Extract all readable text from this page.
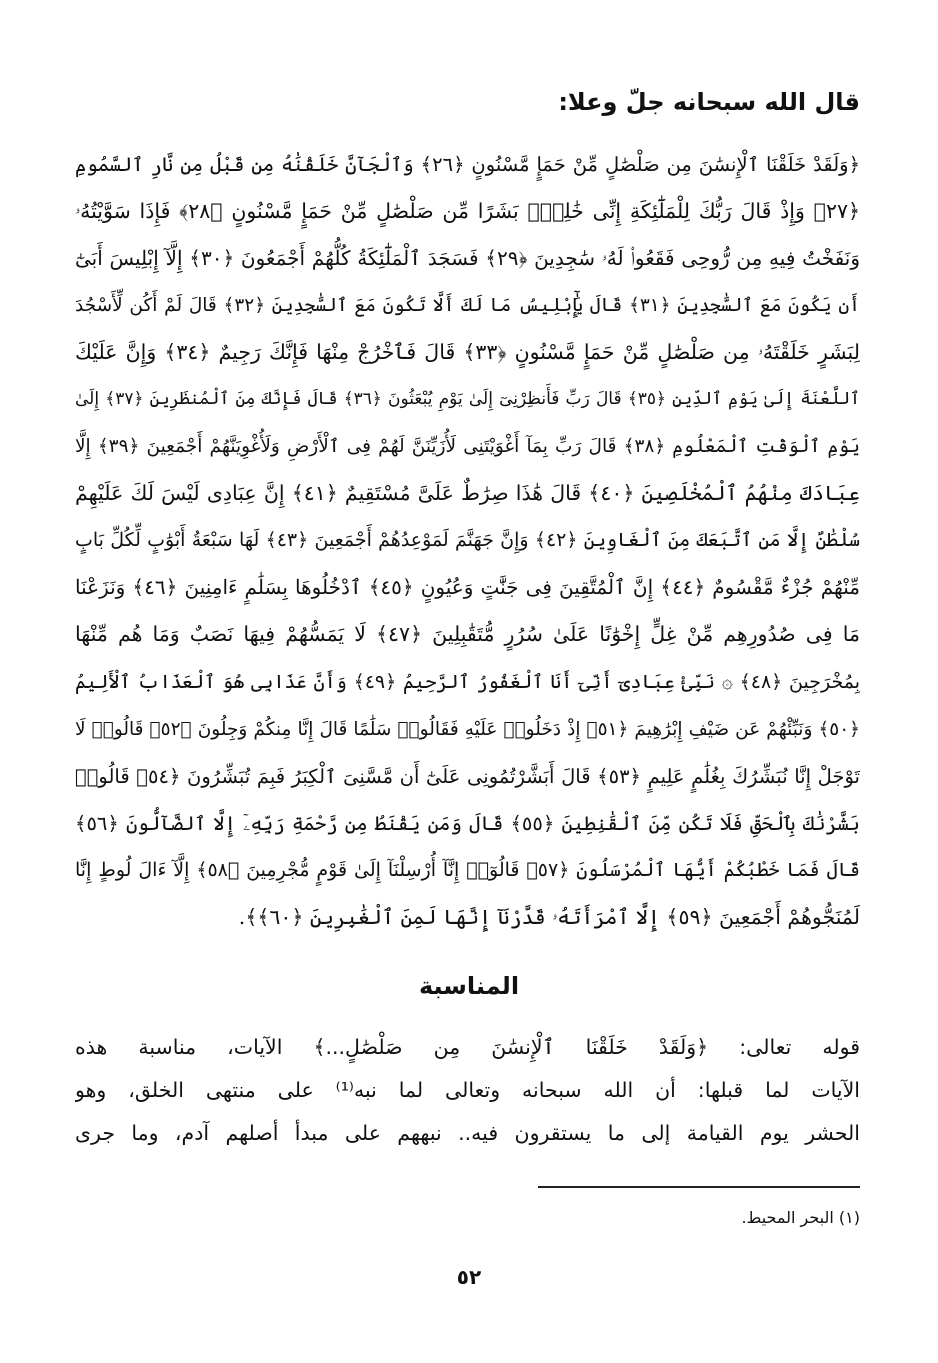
قال الله سبحانه جلّ وعلا:
﴿وَلَقَدْ خَلَقْنَا ٱلْإِنسَٰنَ مِن صَلْصَٰلٍ مِّنْ حَمَإٍ مَّسْنُونٍ ﴿٢٦﴾ وَٱلْجَآنَّ خَلَقْنَٰهُ مِن قَبْلُ مِن نَّارِ ٱلسَّمُومِ
﴿٢٧﴾ وَإِذْ قَالَ رَبُّكَ لِلْمَلَٰٓئِكَةِ إِنِّى خَٰلِقٌۢ بَشَرًا مِّن صَلْصَٰلٍ مِّنْ حَمَإٍ مَّسْنُونٍ ﴿٢٨﴾ فَإِذَا سَوَّيْتُهُۥ
وَنَفَخْتُ فِيهِ مِن رُّوحِى فَقَعُوا۟ لَهُۥ سَٰجِدِينَ ﴿٢٩﴾ فَسَجَدَ ٱلْمَلَٰٓئِكَةُ كُلُّهُمْ أَجْمَعُونَ ﴿٣٠﴾ إِلَّآ إِبْلِيسَ أَبَىٰٓ
أَن يَكُونَ مَعَ ٱلسَّٰجِدِينَ ﴿٣١﴾ قَالَ يَٰٓإِبْلِيسُ مَا لَكَ أَلَّا تَكُونَ مَعَ ٱلسَّٰجِدِينَ ﴿٣٢﴾ قَالَ لَمْ أَكُن لِّأَسْجُدَ
لِبَشَرٍ خَلَقْتَهُۥ مِن صَلْصَٰلٍ مِّنْ حَمَإٍ مَّسْنُونٍ ﴿٣٣﴾ قَالَ فَٱخْرُجْ مِنْهَا فَإِنَّكَ رَجِيمٌ ﴿٣٤﴾ وَإِنَّ عَلَيْكَ
ٱللَّعْنَةَ إِلَىٰ يَوْمِ ٱلدِّينِ ﴿٣٥﴾ قَالَ رَبِّ فَأَنظِرْنِىٓ إِلَىٰ يَوْمِ يُبْعَثُونَ ﴿٣٦﴾ قَالَ فَإِنَّكَ مِنَ ٱلْمُنظَرِينَ ﴿٣٧﴾ إِلَىٰ
يَوْمِ ٱلْوَقْتِ ٱلْمَعْلُومِ ﴿٣٨﴾ قَالَ رَبِّ بِمَآ أَغْوَيْتَنِى لَأُزَيِّنَنَّ لَهُمْ فِى ٱلْأَرْضِ وَلَأُغْوِيَنَّهُمْ أَجْمَعِينَ ﴿٣٩﴾ إِلَّا
عِبَادَكَ مِنْهُمُ ٱلْمُخْلَصِينَ ﴿٤٠﴾ قَالَ هَٰذَا صِرَٰطٌ عَلَىَّ مُسْتَقِيمٌ ﴿٤١﴾ إِنَّ عِبَادِى لَيْسَ لَكَ عَلَيْهِمْ
سُلْطَٰنٌ إِلَّا مَنِ ٱتَّبَعَكَ مِنَ ٱلْغَاوِينَ ﴿٤٢﴾ وَإِنَّ جَهَنَّمَ لَمَوْعِدُهُمْ أَجْمَعِينَ ﴿٤٣﴾ لَهَا سَبْعَةُ أَبْوَٰبٍ لِّكُلِّ بَابٍ
مِّنْهُمْ جُزْءٌ مَّقْسُومٌ ﴿٤٤﴾ إِنَّ ٱلْمُتَّقِينَ فِى جَنَّٰتٍ وَعُيُونٍ ﴿٤٥﴾ ٱدْخُلُوهَا بِسَلَٰمٍ ءَامِنِينَ ﴿٤٦﴾ وَنَزَعْنَا
مَا فِى صُدُورِهِم مِّنْ غِلٍّ إِخْوَٰنًا عَلَىٰ سُرُرٍ مُّتَقَٰبِلِينَ ﴿٤٧﴾ لَا يَمَسُّهُمْ فِيهَا نَصَبٌ وَمَا هُم مِّنْهَا
بِمُخْرَجِينَ ﴿٤٨﴾ ۞ نَبِّئْ عِبَادِىٓ أَنِّىٓ أَنَا ٱلْغَفُورُ ٱلرَّحِيمُ ﴿٤٩﴾ وَأَنَّ عَذَابِى هُوَ ٱلْعَذَابُ ٱلْأَلِيمُ
﴿٥٠﴾ وَنَبِّئْهُمْ عَن ضَيْفِ إِبْرَٰهِيمَ ﴿٥١﴾ إِذْ دَخَلُوا۟ عَلَيْهِ فَقَالُوا۟ سَلَٰمًا قَالَ إِنَّا مِنكُمْ وَجِلُونَ ﴿٥٢﴾ قَالُوا۟ لَا
تَوْجَلْ إِنَّا نُبَشِّرُكَ بِغُلَٰمٍ عَلِيمٍ ﴿٥٣﴾ قَالَ أَبَشَّرْتُمُونِى عَلَىٰٓ أَن مَّسَّنِىَ ٱلْكِبَرُ فَبِمَ تُبَشِّرُونَ ﴿٥٤﴾ قَالُوا۟
بَشَّرْنَٰكَ بِٱلْحَقِّ فَلَا تَكُن مِّنَ ٱلْقَٰنِطِينَ ﴿٥٥﴾ قَالَ وَمَن يَقْنَطُ مِن رَّحْمَةِ رَبِّهِۦٓ إِلَّا ٱلضَّآلُّونَ ﴿٥٦﴾
قَالَ فَمَا خَطْبُكُمْ أَيُّهَا ٱلْمُرْسَلُونَ ﴿٥٧﴾ قَالُوٓا۟ إِنَّآ أُرْسِلْنَآ إِلَىٰ قَوْمٍ مُّجْرِمِينَ ﴿٥٨﴾ إِلَّآ ءَالَ لُوطٍ إِنَّا
لَمُنَجُّوهُمْ أَجْمَعِينَ ﴿٥٩﴾ إِلَّا ٱمْرَأَتَهُۥ قَدَّرْنَآ إِنَّهَا لَمِنَ ٱلْغَٰبِرِينَ ﴿٦٠﴾﴾.
المناسبة
قوله تعالى: ﴿وَلَقَدْ خَلَقْنَا ٱلْإِنسَٰنَ مِن صَلْصَٰلٍ...﴾ الآيات، مناسبة هذه
الآيات لما قبلها: أن الله سبحانه وتعالى لما نبه⁽¹⁾ على منتهى الخلق، وهو
الحشر يوم القيامة إلى ما يستقرون فيه.. نبههم على مبدأ أصلهم آدم، وما جرى
(١) البحر المحيط.
٥٢
